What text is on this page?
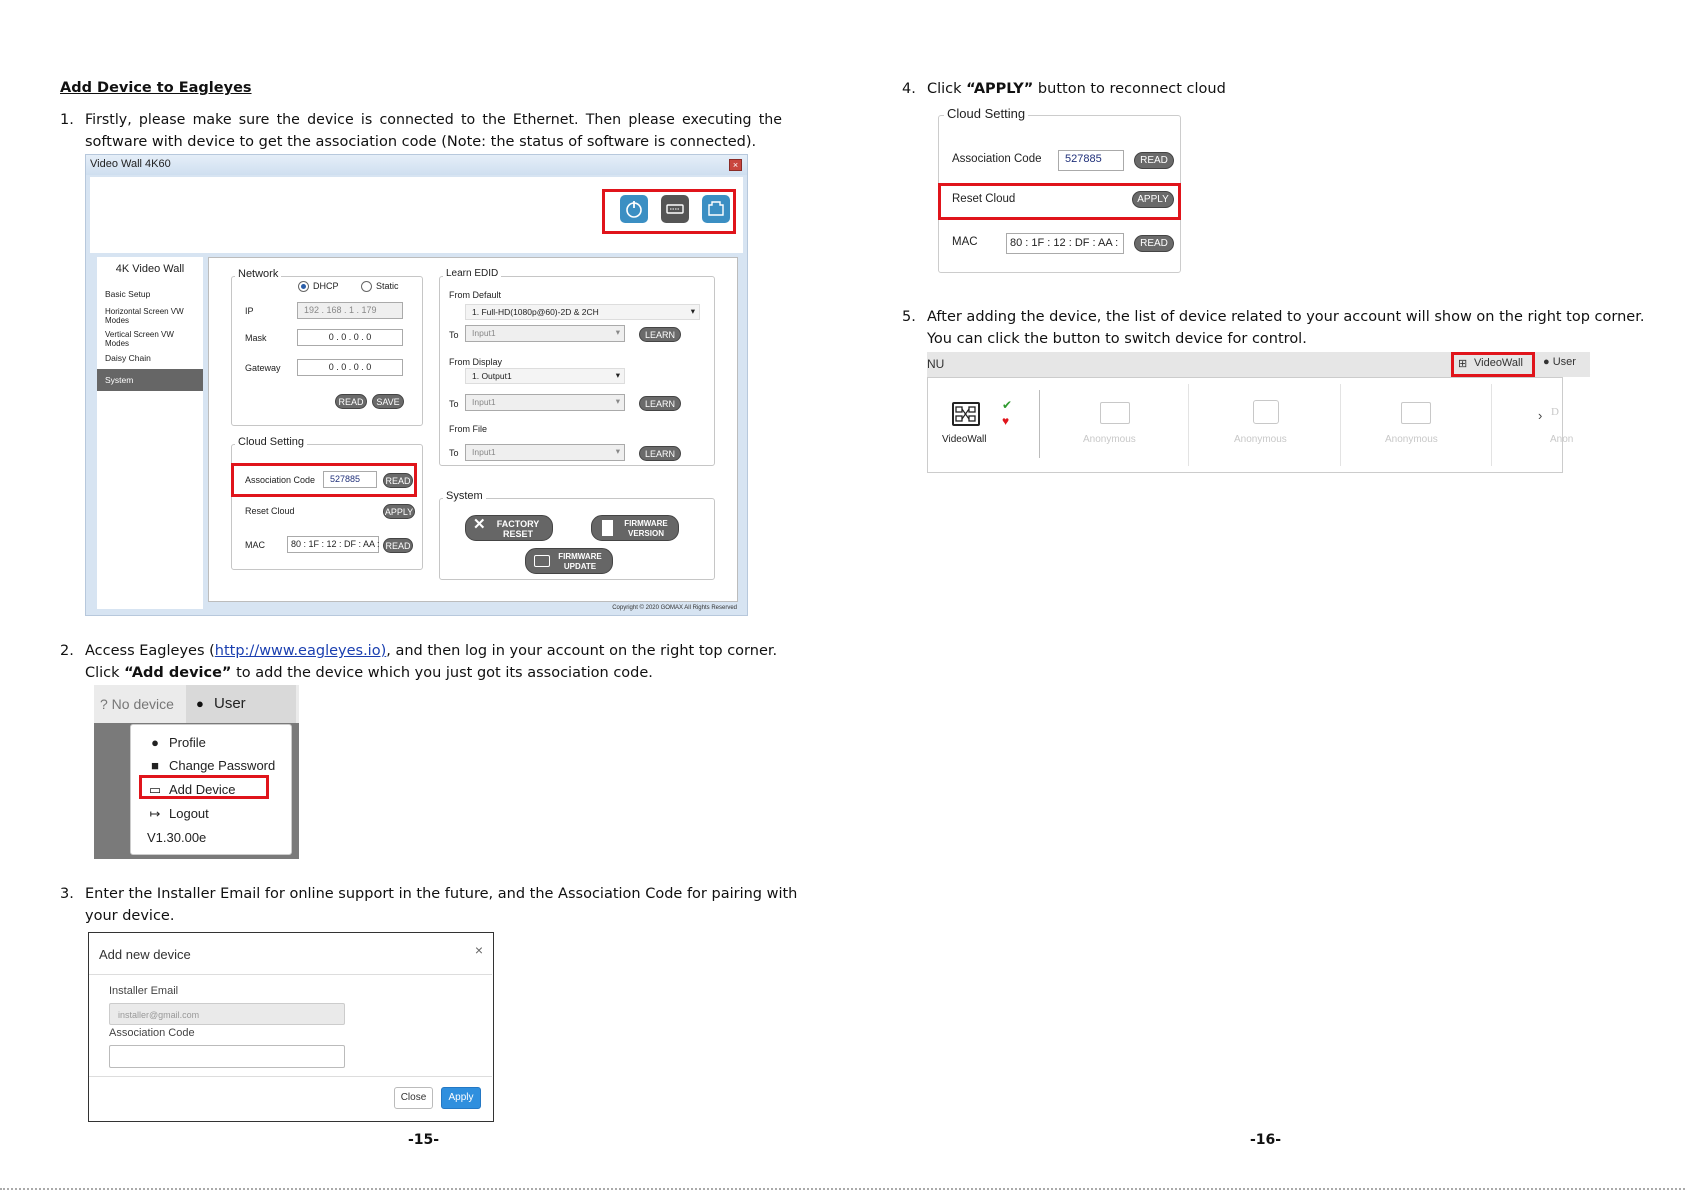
Add Device to Eagleyes
1. Firstly, please make sure the device is connected to the Ethernet. Then please executing the
software with device to get the association code (Note: the status of software is connected).
Video Wall 4K60	×
4K Video Wall
Basic Setup
Horizontal Screen VW Modes
Vertical Screen VW Modes
Daisy Chain
System
Network
DHCP	Static
IP	192 . 168 . 1 . 179
Mask	0 . 0 . 0 . 0
Gateway	0 . 0 . 0 . 0
READ	SAVE
Cloud Setting
Association Code	527885	READ
Reset Cloud	APPLY
MAC	80 : 1F : 12 : DF : AA : READ
Learn EDID
From Default
1. Full-HD(1080p@60)-2D & 2CH	▾
To	Input1	▾	LEARN
From Display
1. Output1	▾
To	Input1	▾	LEARN
From File
To	Input1	▾	LEARN
System
✕ FACTORY RESET
FIRMWARE VERSION
FIRMWARE UPDATE
Copyright © 2020 GOMAX All Rights Reserved
2. Access Eagleyes (http://www.eagleyes.io), and then log in your account on the right top corner.
Click “Add device” to add the device which you just got its association code.
? No device ● User
● Profile
■ Change Password
▭ Add Device
↦ Logout
V1.30.00e
3. Enter the Installer Email for online support in the future, and the Association Code for pairing with
your device.
Add new device	×
Installer Email
installer@gmail.com
Association Code
Close	Apply
-15-
4. Click “APPLY” button to reconnect cloud
Cloud Setting
Association Code	527885	READ
Reset Cloud	APPLY
MAC	80 : 1F : 12 : DF : AA :	READ
5. After adding the device, the list of device related to your account will show on the right top corner.
You can click the button to switch device for control.
NU	⊞ VideoWall	● User
VideoWall
✔
♥
Anonymous	Anonymous	Anonymous
› D
Anon
-16-
